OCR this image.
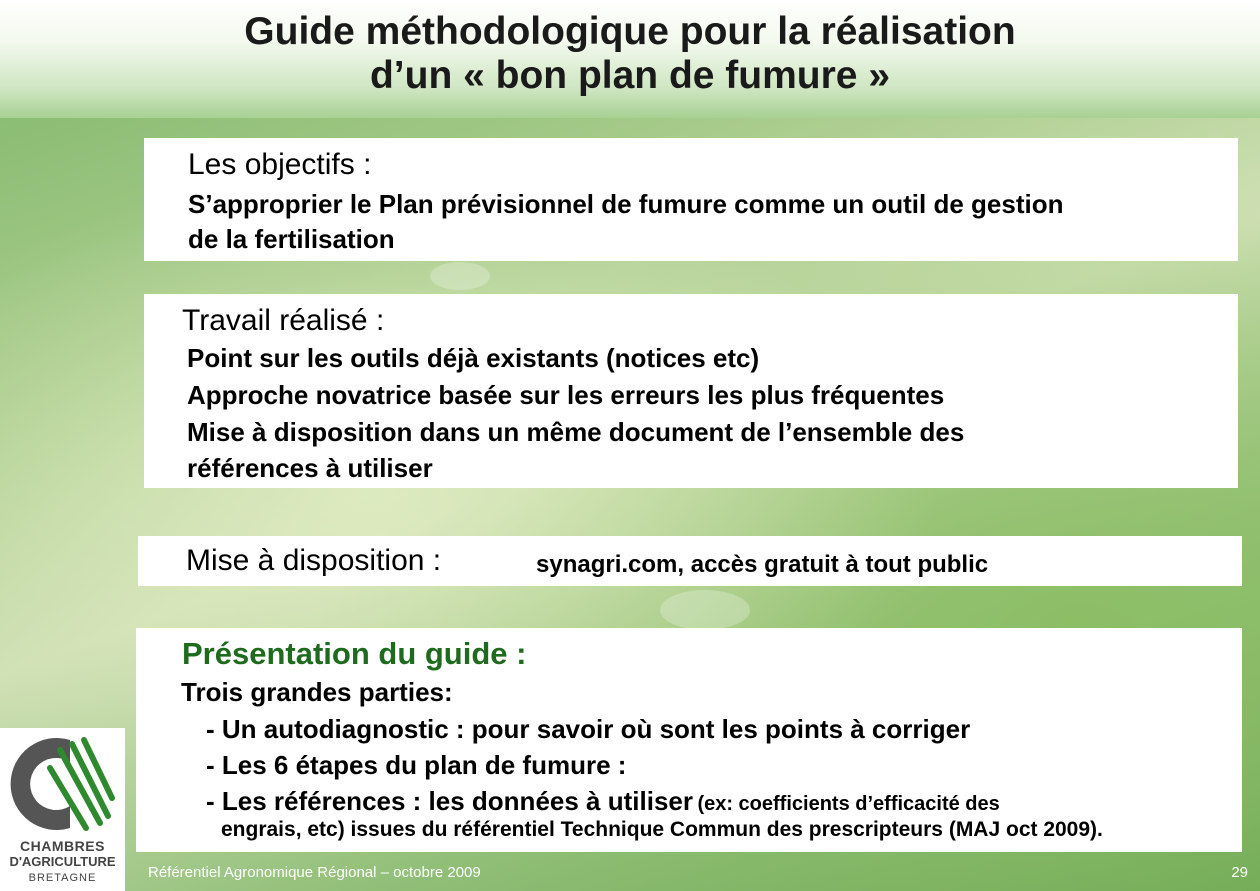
Guide méthodologique pour la réalisation
d’un « bon plan de fumure »
Les objectifs :
S’approprier le Plan prévisionnel de fumure comme un outil de gestion
de la fertilisation
Travail réalisé :
Point sur les outils déjà existants (notices etc)
Approche novatrice basée sur les erreurs les plus fréquentes
Mise à disposition dans un même document de l’ensemble des
références à utiliser
Mise à disposition :	synagri.com, accès gratuit à tout public
Présentation du guide :
Trois grandes parties:
- Un autodiagnostic : pour savoir où sont les points à corriger
- Les 6 étapes du plan de fumure :
- Les références : les données à utiliser (ex: coefficients d’efficacité des
engrais, etc) issues du référentiel Technique Commun des prescripteurs (MAJ oct 2009).
CHAMBRES
D'AGRICULTURE
BRETAGNE	Référentiel Agronomique Régional – octobre 2009	29
